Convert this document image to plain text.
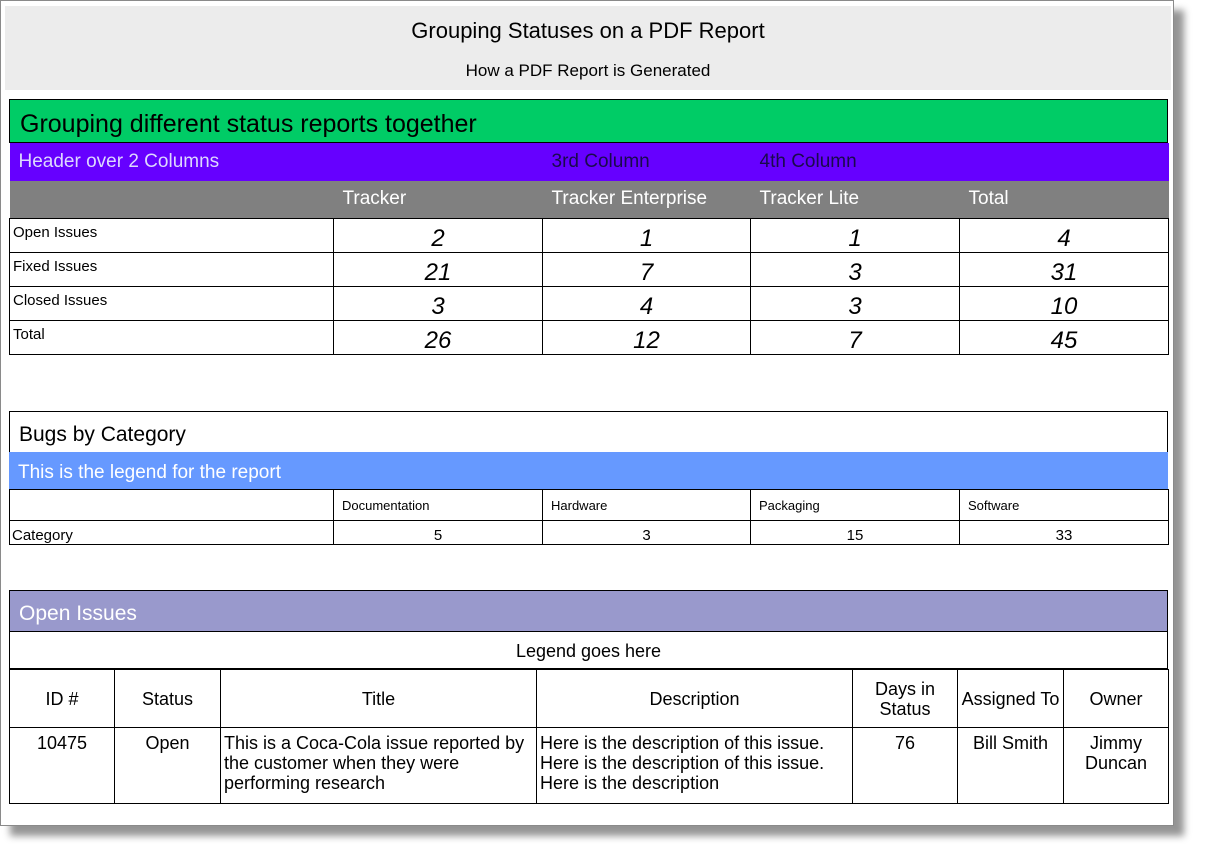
Grouping Statuses on a PDF Report
How a PDF Report is Generated
Grouping different status reports together
Header over 2 Columns		3rd Column	4th Column	
	Tracker	Tracker Enterprise	Tracker Lite	Total
Open Issues	2	1	1	4
Fixed Issues	21	7	3	31
Closed Issues	3	4	3	10
Total	26	12	7	45
Bugs by Category
This is the legend for the report
	Documentation	Hardware	Packaging	Software
Category	5	3	15	33
Open Issues
Legend goes here
ID #	Status	Title	Description	Days in Status	Assigned To	Owner
10475	Open	This is a Coca-Cola issue reported by the customer when they were performing research	Here is the description of this issue. Here is the description of this issue. Here is the description	76	Bill Smith	Jimmy Duncan
